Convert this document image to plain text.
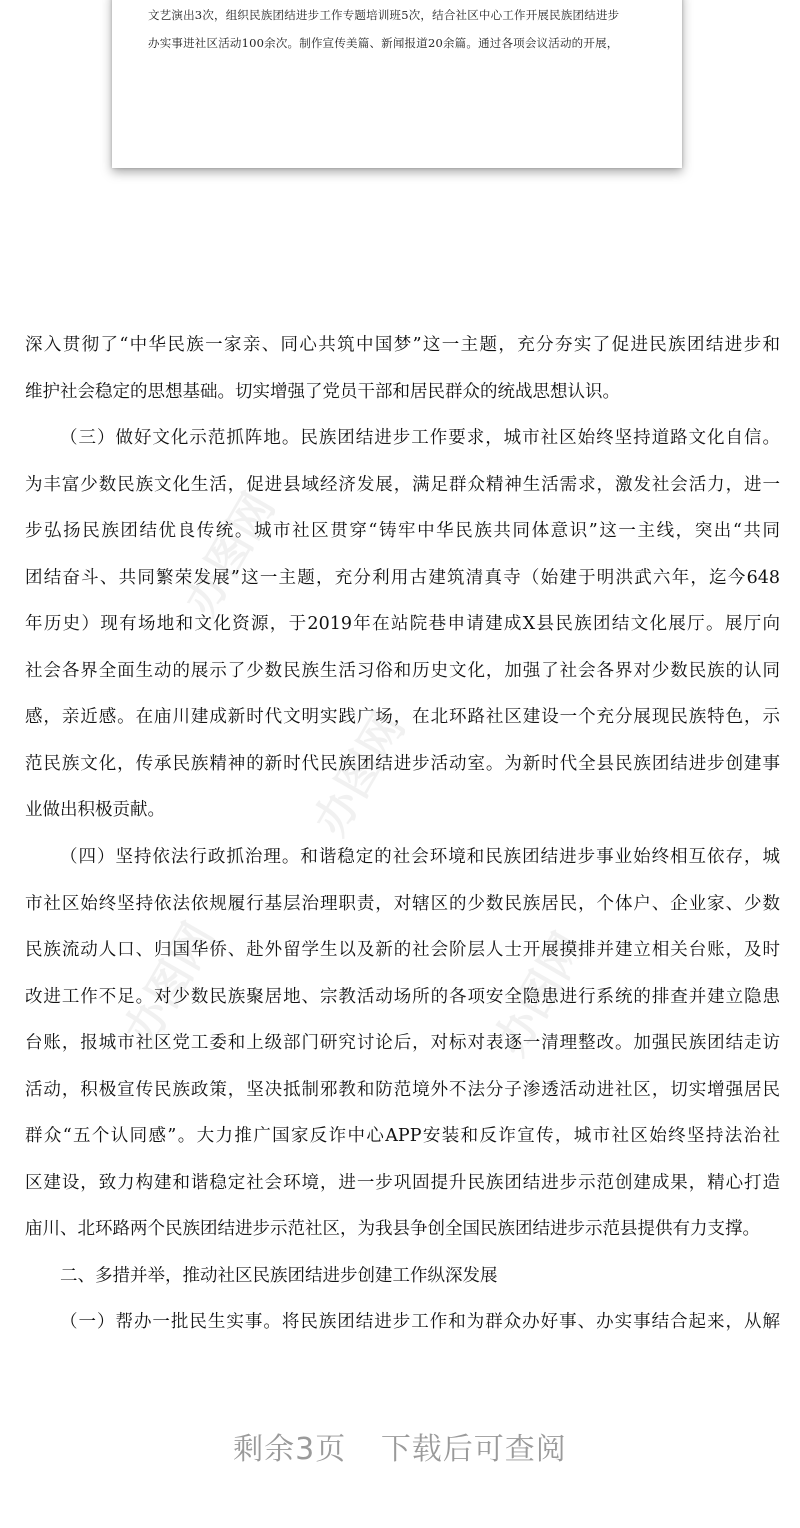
文艺演出3次，组织民族团结进步工作专题培训班5次，结合社区中心工作开展民族团结进步
办实事进社区活动100余次。制作宣传美篇、新闻报道20余篇。通过各项会议活动的开展，
办图网
办图网
办图网	办图网
深入贯彻了“中华民族一家亲、同心共筑中国梦”这一主题，充分夯实了促进民族团结进步和
维护社会稳定的思想基础。切实增强了党员干部和居民群众的统战思想认识。
（三）做好文化示范抓阵地。民族团结进步工作要求，城市社区始终坚持道路文化自信。
为丰富少数民族文化生活，促进县域经济发展，满足群众精神生活需求，激发社会活力，进一
步弘扬民族团结优良传统。城市社区贯穿“铸牢中华民族共同体意识”这一主线，突出“共同
团结奋斗、共同繁荣发展”这一主题，充分利用古建筑清真寺（始建于明洪武六年，迄今648
年历史）现有场地和文化资源，于2019年在站院巷申请建成X县民族团结文化展厅。展厅向
社会各界全面生动的展示了少数民族生活习俗和历史文化，加强了社会各界对少数民族的认同
感，亲近感。在庙川建成新时代文明实践广场，在北环路社区建设一个充分展现民族特色，示
范民族文化，传承民族精神的新时代民族团结进步活动室。为新时代全县民族团结进步创建事
业做出积极贡献。
（四）坚持依法行政抓治理。和谐稳定的社会环境和民族团结进步事业始终相互依存，城
市社区始终坚持依法依规履行基层治理职责，对辖区的少数民族居民，个体户、企业家、少数
民族流动人口、归国华侨、赴外留学生以及新的社会阶层人士开展摸排并建立相关台账，及时
改进工作不足。对少数民族聚居地、宗教活动场所的各项安全隐患进行系统的排查并建立隐患
台账，报城市社区党工委和上级部门研究讨论后，对标对表逐一清理整改。加强民族团结走访
活动，积极宣传民族政策，坚决抵制邪教和防范境外不法分子渗透活动进社区，切实增强居民
群众“五个认同感”。大力推广国家反诈中心APP安装和反诈宣传，城市社区始终坚持法治社
区建设，致力构建和谐稳定社会环境，进一步巩固提升民族团结进步示范创建成果，精心打造
庙川、北环路两个民族团结进步示范社区，为我县争创全国民族团结进步示范县提供有力支撑。
二、多措并举，推动社区民族团结进步创建工作纵深发展
（一）帮办一批民生实事。将民族团结进步工作和为群众办好事、办实事结合起来，从解
剩余3页 下载后可查阅
